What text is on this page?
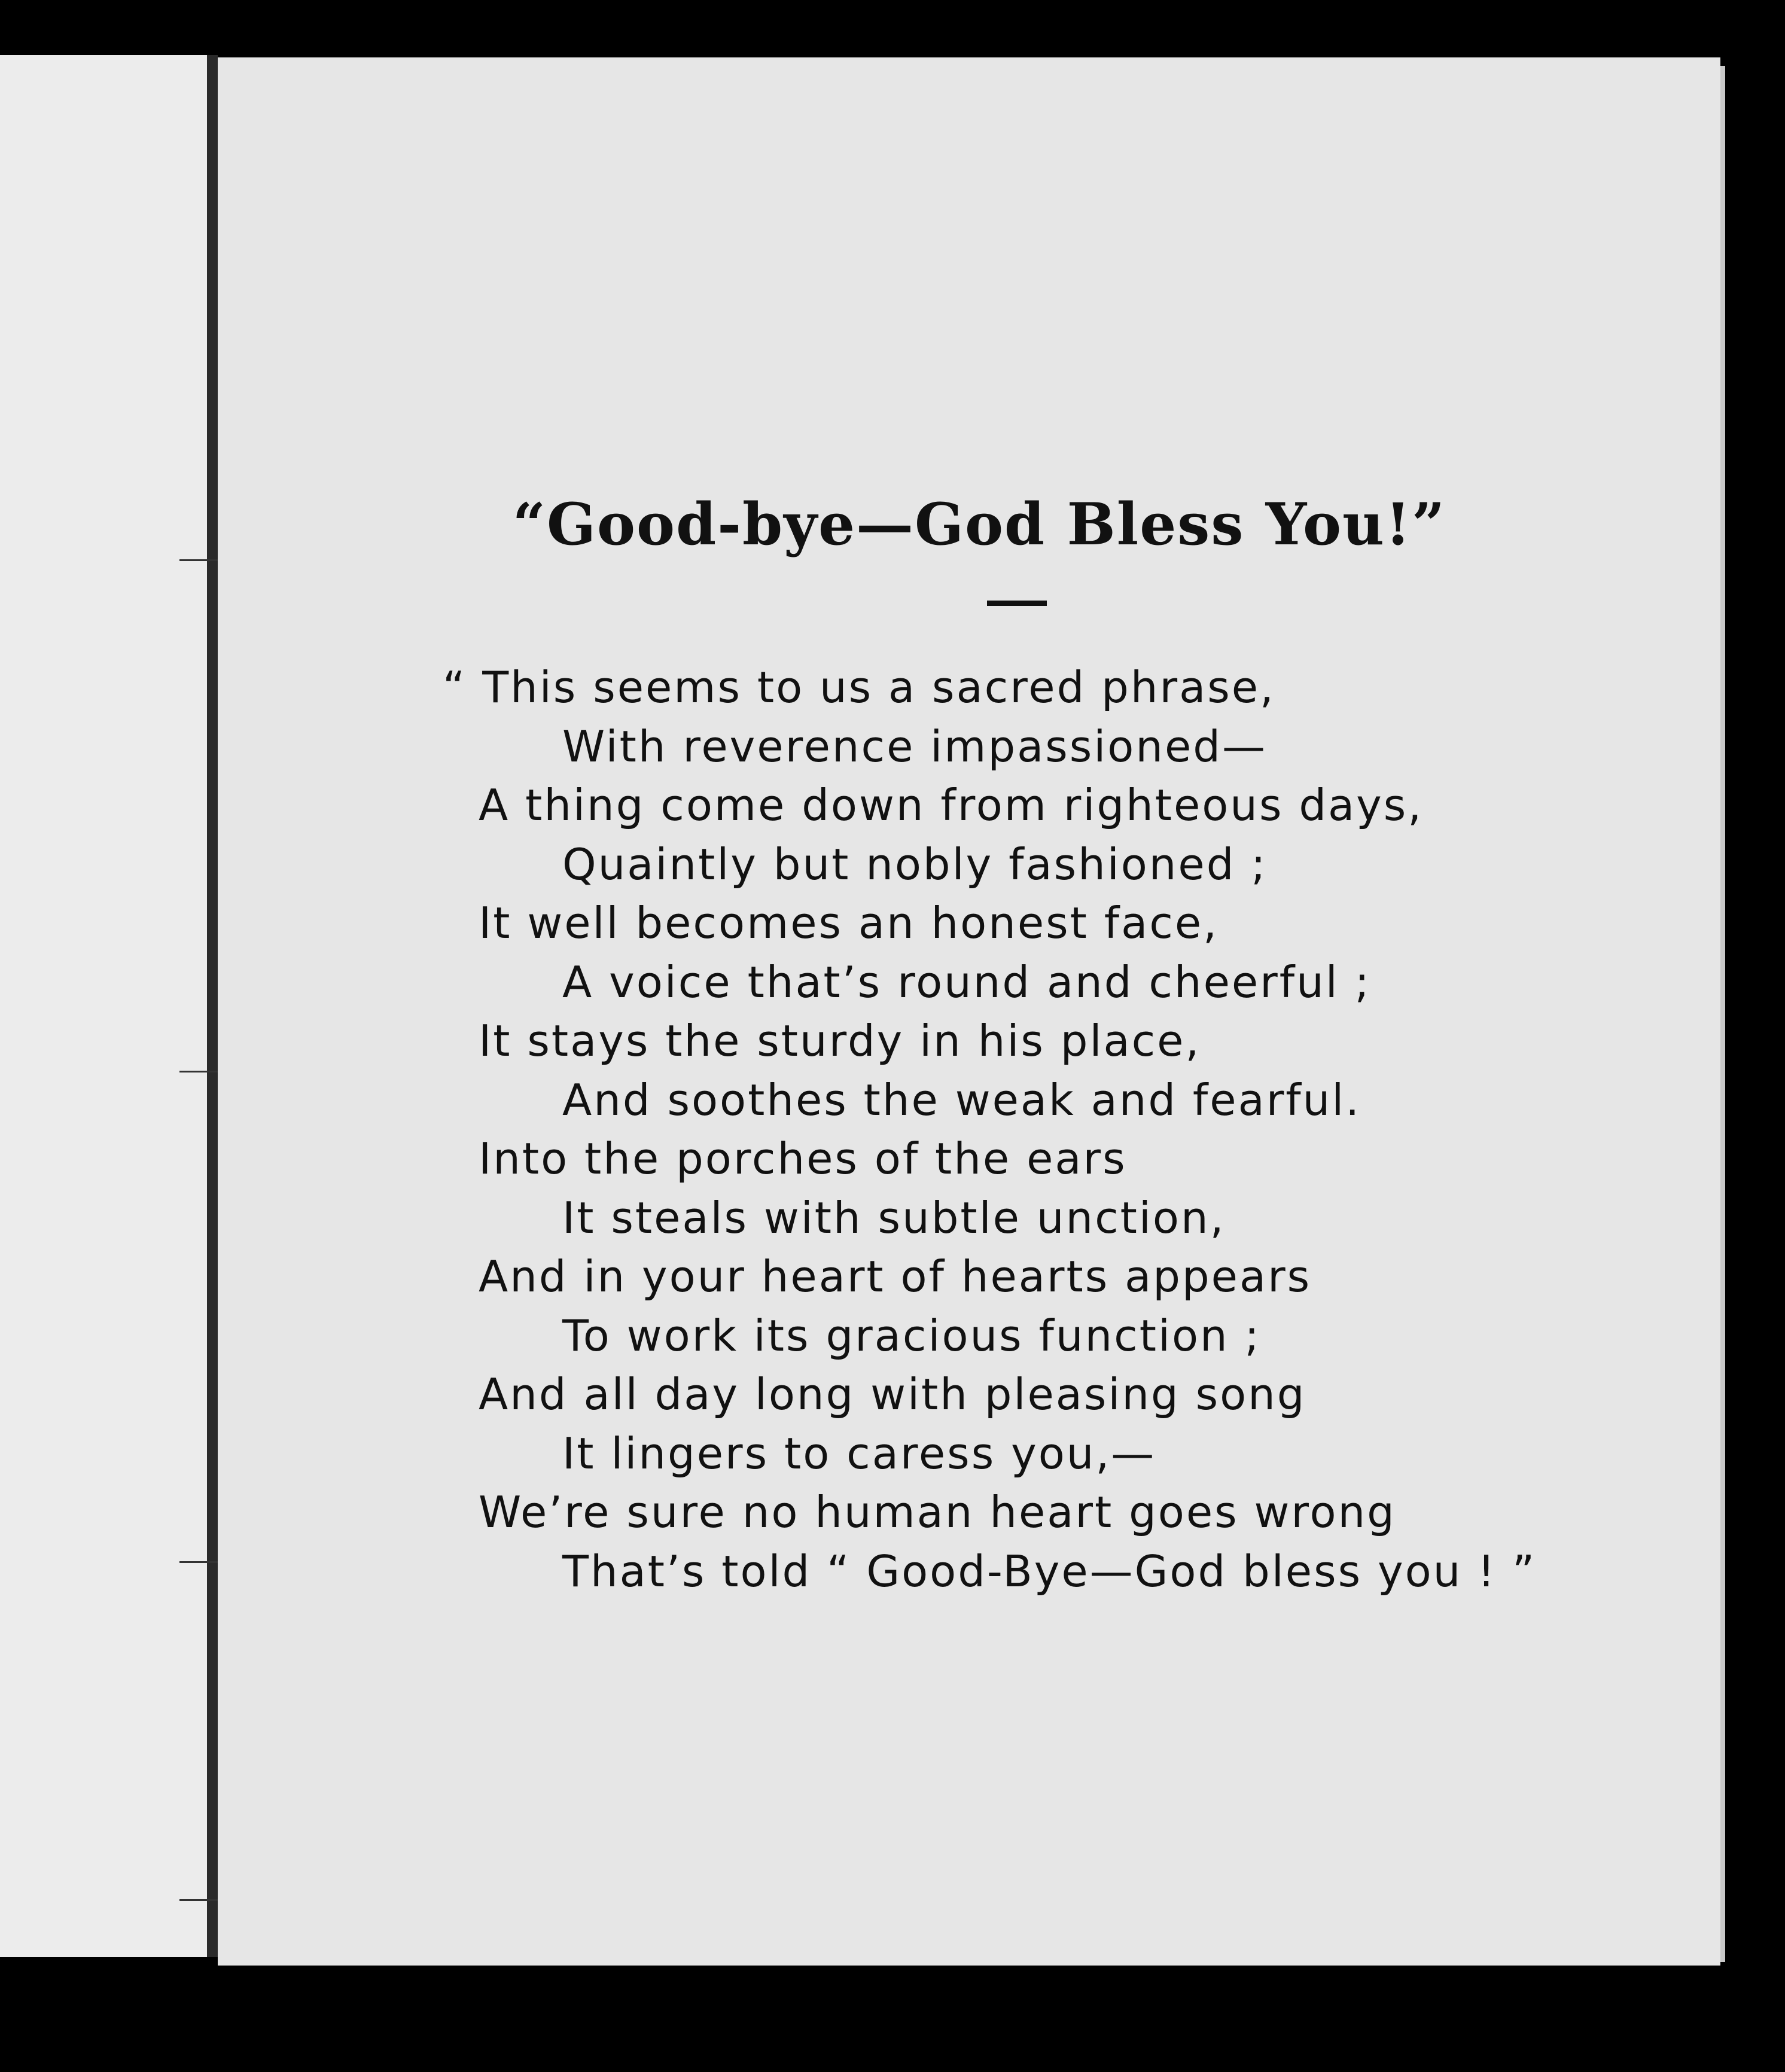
“Good-bye—God Bless You!”

“ This seems to us a sacred phrase,

With reverence impassioned—

A thing come down from righteous days,

Quaintly but nobly fashioned ;

It well becomes an honest face,

A voice that’s round and cheerful ;

It stays the sturdy in his place,

And soothes the weak and fearful.

Into the porches of the ears

It steals with subtle unction,

And in your heart of hearts appears

To work its gracious function ;

And all day long with pleasing song

It lingers to caress you,—

We’re sure no human heart goes wrong

That’s told “ Good-Bye—God bless you ! ”
